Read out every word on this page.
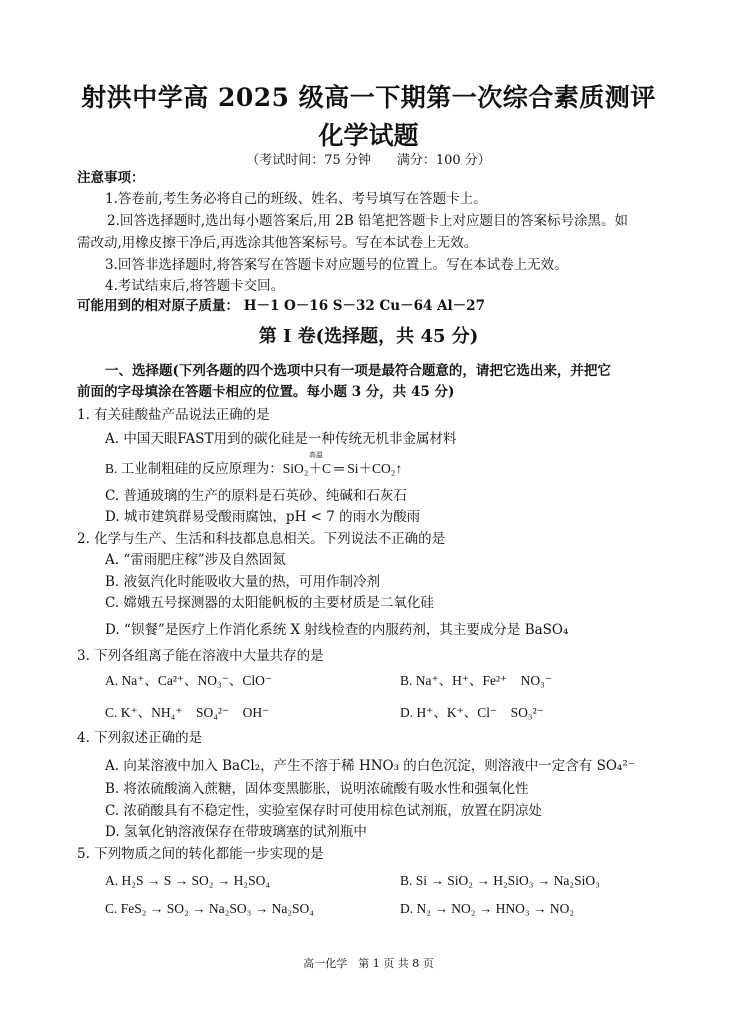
射洪中学高 2025 级高一下期第一次综合素质测评
化学试题
（考试时间：75 分钟　　满分：100 分）
注意事项：
1.答卷前,考生务必将自己的班级、姓名、考号填写在答题卡上。
2.回答选择题时,选出每小题答案后,用 2B 铅笔把答题卡上对应题目的答案标号涂黑。如
需改动,用橡皮擦干净后,再选涂其他答案标号。写在本试卷上无效。
3.回答非选择题时,将答案写在答题卡对应题号的位置上。写在本试卷上无效。
4.考试结束后,将答题卡交回。
可能用到的相对原子质量： H－1 O－16 S－32 Cu－64 Al－27
第 I 卷(选择题，共 45 分)
一、选择题(下列各题的四个选项中只有一项是最符合题意的，请把它选出来，并把它
前面的字母填涂在答题卡相应的位置。每小题 3 分，共 45 分)
1. 有关硅酸盐产品说法正确的是
A. 中国天眼FAST用到的碳化硅是一种传统无机非金属材料
高温
B. 工业制粗硅的反应原理为：SiO₂＋C ═ Si＋CO₂↑
C. 普通玻璃的生产的原料是石英砂、纯碱和石灰石
D. 城市建筑群易受酸雨腐蚀，pH < 7 的雨水为酸雨
2. 化学与生产、生活和科技都息息相关。下列说法不正确的是
A. “雷雨肥庄稼”涉及自然固氮
B. 液氨汽化时能吸收大量的热，可用作制冷剂
C. 嫦娥五号探测器的太阳能帆板的主要材质是二氧化硅
D. “钡餐”是医疗上作消化系统 X 射线检查的内服药剂，其主要成分是 BaSO₄
3. 下列各组离子能在溶液中大量共存的是
A. Na⁺、Ca²⁺、NO₃⁻、ClO⁻	B. Na⁺、H⁺、Fe²⁺　NO₃⁻
C. K⁺、NH₄⁺　SO₄²⁻　OH⁻	D. H⁺、K⁺、Cl⁻　SO₃²⁻
4. 下列叙述正确的是
A. 向某溶液中加入 BaCl₂，产生不溶于稀 HNO₃ 的白色沉淀，则溶液中一定含有 SO₄²⁻
B. 将浓硫酸滴入蔗糖，固体变黑膨胀，说明浓硫酸有吸水性和强氧化性
C. 浓硝酸具有不稳定性，实验室保存时可使用棕色试剂瓶，放置在阴凉处
D. 氢氧化钠溶液保存在带玻璃塞的试剂瓶中
5. 下列物质之间的转化都能一步实现的是
A. H₂S → S → SO₂ → H₂SO₄	B. Si → SiO₂ → H₂SiO₃ → Na₂SiO₃
C. FeS₂ → SO₂ → Na₂SO₃ → Na₂SO₄	D. N₂ → NO₂ → HNO₃ → NO₂
高一化学　第 1 页 共 8 页
